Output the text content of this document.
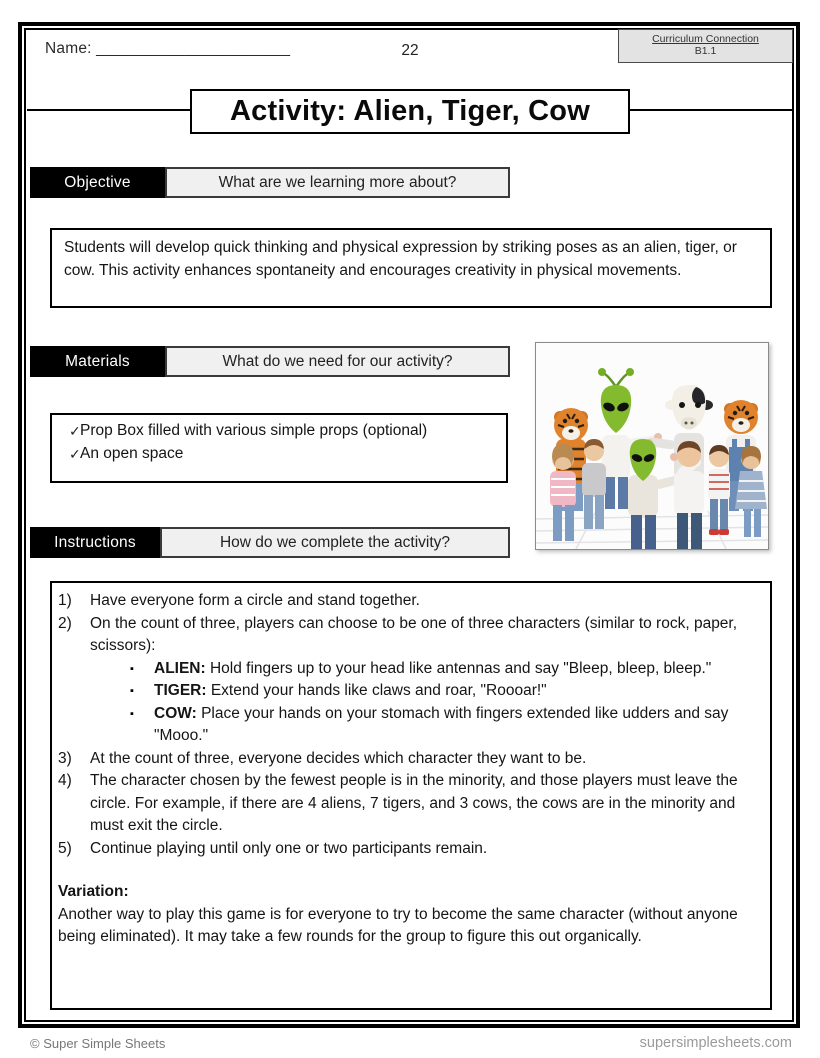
Name: ______________________	22
Curriculum Connection
B1.1
Activity: Alien, Tiger, Cow
Objective	What are we learning more about?
Students will develop quick thinking and physical expression by striking poses as an alien, tiger, or cow. This activity enhances spontaneity and encourages creativity in physical movements.
Materials	What do we need for our activity?
✓ Prop Box filled with various simple props (optional)
✓ An open space
Instructions	How do we complete the activity?
1)	Have everyone form a circle and stand together.
2)	On the count of three, players can choose to be one of three characters (similar to rock, paper, scissors):
▪	ALIEN: Hold fingers up to your head like antennas and say "Bleep, bleep, bleep."
▪	TIGER: Extend your hands like claws and roar, "Roooar!"
▪	COW: Place your hands on your stomach with fingers extended like udders and say "Mooo."
3)	At the count of three, everyone decides which character they want to be.
4)	The character chosen by the fewest people is in the minority, and those players must leave the circle. For example, if there are 4 aliens, 7 tigers, and 3 cows, the cows are in the minority and must exit the circle.
5)	Continue playing until only one or two participants remain.
Variation:
Another way to play this game is for everyone to try to become the same character (without anyone being eliminated). It may take a few rounds for the group to figure this out organically.
© Super Simple Sheets	supersimplesheets.com
